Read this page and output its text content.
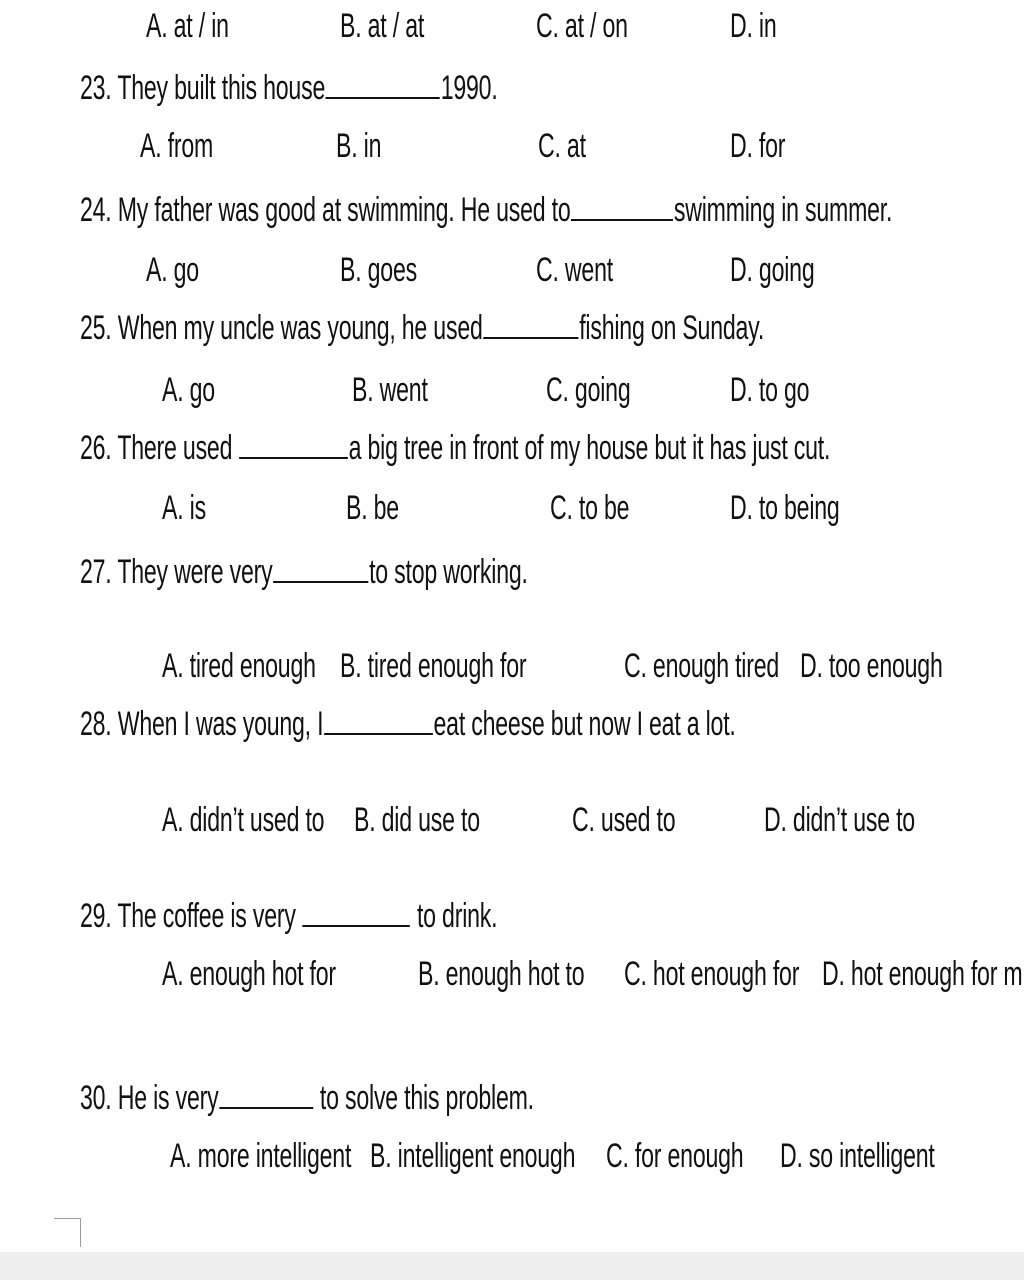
A. at / in	B. at / at	C. at / on	D. in
23. They built this house	1990.
A. from	B. in	C. at	D. for
24. My father was good at swimming. He used to	swimming in summer.
A. go	B. goes	C. went	D. going
25. When my uncle was young, he used	fishing on Sunday.
A. go	B. went	C. going	D. to go
26. There used	a big tree in front of my house but it has just cut.
A. is	B. be	C. to be	D. to being
27. They were very	to stop working.
A. tired enough B. tired enough for	C. enough tired D. too enough
28. When I was young, I	eat cheese but now I eat a lot.
A. didn’t used to B. did use to	C. used to	D. didn’t use to
29. The coffee is very	to drink.
A. enough hot for B. enough hot to C. hot enough for D. hot enough for m
30. He is very	to solve this problem.
A. more intelligent B. intelligent enough C. for enough D. so intelligent
